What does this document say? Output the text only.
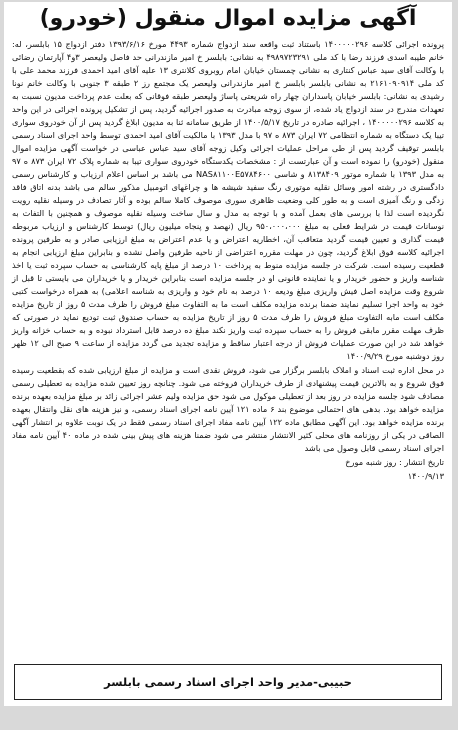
آگهی مزایده اموال منقول (خودرو)

پرونده اجرائی کلاسه ۱۴۰۰۰۰۰۲۹۶ باستناد ثبت واقعه سند ازدواج شماره ۴۴۹۳ مورخ ۱۳۹۳/۶/۱۶ دفتر ازدواج ۱۵ بابلسر، له: خانم طیبه اسدی فرزند رضا با کد ملی ۴۹۸۹۷۲۳۲۹۱ به نشانی: بابلسر خ امیر مازندرانی حد فاصل ولیعصر ۳و۴ آپارتمان رضائی با وکالت آقای سید عباس کنتاری به نشانی چمستان خیابان امام روبروی کلانتری ۱۳ علیه آقای امید احمدی فرزند محمد علی با کد ملی ۲۱۶۱۰۹۰۹۱۴ به نشانی بابلسر بابلسر خ امیر مازندرانی ولیعصر یک مجتمع رز ۲ طبقه ۳ جنوبی با وکالت خانم نونا رشیدی به نشانی: بابلسر خیابان پاسداران چهار راه شریعتی پاساژ ولیعصر طبقه فوقانی که بعلت عدم پرداخت مدیون نسبت به تعهدات مندرج در سند ازدواج یاد شده، از سوی زوجه مبادرت به صدور اجرائیه گردید، پس از تشکیل پرونده اجرائی در این واحد به کلاسه ۱۴۰۰۰۰۰۲۹۶ ، اجرائیه صادره در تاریخ ۱۴۰۰/۵/۱۷ از طریق سامانه ثنا به مدیون ابلاغ گردید پس از آن خودروی سواری تیبا یک دستگاه به شماره انتظامی ۷۲ ایران ۸۷۳ ه ۹۷ با مدل ۱۳۹۳ با مالکیت آقای امید احمدی توسط واحد اجرای اسناد رسمی بابلسر توقیف گردید پس از طی مراحل عملیات اجرائی وکیل زوجه آقای سید عباس عباسی در خواست آگهی مزایده اموال منقول (خودرو) را نموده است و آن عبارتست از : مشخصات یکدستگاه خودروی سواری تیبا به شماره پلاک ۷۲ ایران ۸۷۳ ه ۹۷ به مدل ۱۳۹۳ با شماره موتور ۸۱۳۸۴۰۹ و شاسی NAS۸۱۱۰۰E۵۷۸۴۶۰۰ می باشد بر اساس اعلام ارزیاب و کارشناس رسمی دادگستری در رشته امور وسائل نقلیه موتوری رنگ سفید شیشه ها و چراغهای اتومبیل مذکور سالم می باشد بدنه اتاق فاقد زدگی و رنگ آمیزی است و به طور کلی وضعیت ظاهری سوری موصوف کاملا سالم بوده و آثار تصادف در وسیله نقلیه رویت نگردیده است لذا با بررسی های بعمل آمده و با توجه به مدل و سال ساخت وسیله نقلیه موصوف و همچنین با التفات به نوسانات قیمت در شرایط فعلی به مبلغ ۹۵۰،۰۰۰،۰۰۰ ریال (نهصد و پنجاه میلیون ریال) توسط کارشناس و ارزیاب مربوطه قیمت گذاری و تعیین قیمت گردید متعاقب آن، اخطاریه اعتراض و یا عدم اعتراض به مبلغ ارزیابی صادر و به طرفین پرونده اجرائیه کلاسه فوق ابلاغ گردید، چون در مهلت مقرره اعتراضی از ناحیه طرفین واصل نشده و بنابراین مبلغ ارزیابی انجام به قطعیت رسیده است. شرکت در جلسه مزایده منوط به پرداخت ۱۰ درصد از مبلغ پایه کارشناسی به حساب سپرده ثبت یا اخذ شناسه واریز و حضور خریدار و یا نماینده قانونی او در جلسه مزایده است بنابراین خریدار و یا خریداران می بایستی تا قبل از شروع وقت مزایده اصل فیش واریزی مبلغ ودیعه ۱۰ درصد به نام خود و واریزی به شناسه اعلامی) به همراه درخواست کتبی خود به واحد اجرا تسلیم نمایند ضمنا برنده مزایده مکلف است ما به التفاوت مبلغ فروش را ظرف مدت ۵ روز از تاریخ مزایده مکلف است مابه التفاوت مبلغ فروش را ظرف مدت ۵ روز از تاریخ مزایده به حساب صندوق ثبت تودیع نماید در صورتی که ظرف مهلت مقرر مابقی فروش را به حساب سپرده ثبت واریز نکند مبلغ ده درصد قابل استرداد نبوده و به حساب خزانه واریز خواهد شد در این صورت عملیات فروش از درجه اعتبار ساقط و مزایده تجدید می گردد مزایده از ساعت ۹ صبح الی ۱۲ ظهر روز دوشنبه مورخ ۱۴۰۰/۹/۲۹

در محل اداره ثبت اسناد و املاک بابلسر برگزار می شود، فروش نقدی است و مزایده از مبلغ ارزیابی شده که بقطعیت رسیده فوق شروع و به بالاترین قیمت پیشنهادی از طرف خریداران فروخته می شود. چنانچه روز تعیین شده مزایده به تعطیلی رسمی مصادف شود جلسه مزایده در روز بعد از تعطیلی موکول می شود حق مزایده ولیم عشر اجرائی زائد بر مبلغ مزایده بعهده برنده مزایده خواهد بود. بدهی های احتمالی موضوع بند ۶ ماده ۱۲۱ آیین نامه اجرای اسناد رسمی، و نیز هزینه های نقل وانتقال بعهده برنده مزایده خواهد بود. این آگهی مطابق ماده ۱۲۲ آیین نامه مفاد اجرای اسناد رسمی فقط در یک نوبت علاوه بر انتشار آگهی الصاقی در یکی از روزنامه های محلی کثیر الانتشار منتشر می شود ضمنا هزینه های پیش بینی شده در ماده ۴۰ آیین نامه مفاد اجرای اسناد رسمی قابل وصول می باشد

تاریخ انتشار : روز شنبه مورخ

۱۴۰۰/۹/۱۳

حبیبی-مدیر واحد اجرای اسناد رسمی بابلسر
